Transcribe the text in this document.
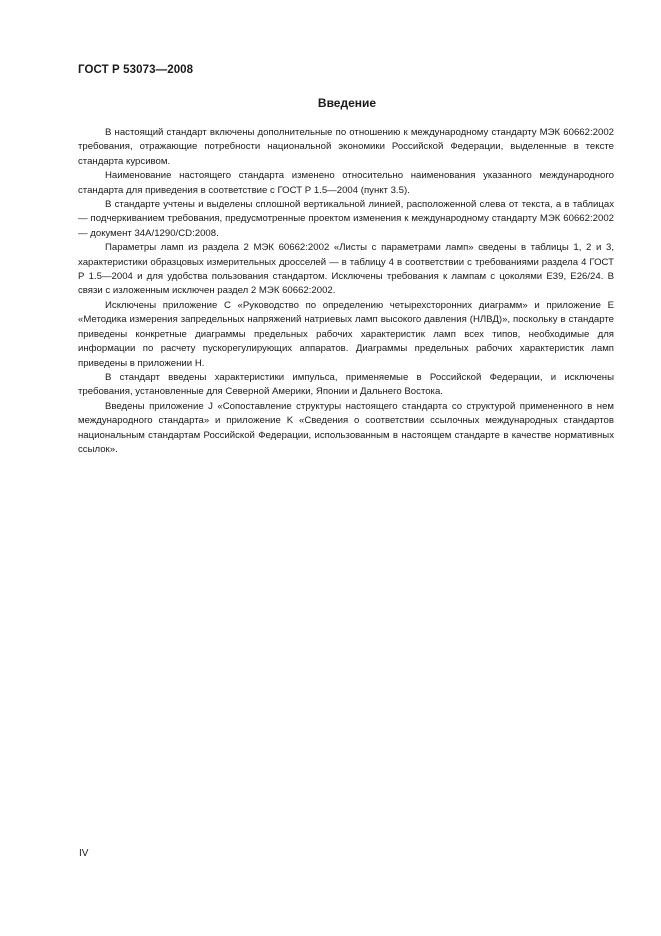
ГОСТ Р 53073—2008
Введение

В настоящий стандарт включены дополнительные по отношению к международному стандарту МЭК 60662:2002 требования, отражающие потребности национальной экономики Российской Федерации, выделенные в тексте стандарта курсивом.

Наименование настоящего стандарта изменено относительно наименования указанного международного стандарта для приведения в соответствие с ГОСТ Р 1.5—2004 (пункт 3.5).

В стандарте учтены и выделены сплошной вертикальной линией, расположенной слева от текста, а в таблицах — подчеркиванием требования, предусмотренные проектом изменения к международному стандарту МЭК 60662:2002 — документ 34A/1290/CD:2008.

Параметры ламп из раздела 2 МЭК 60662:2002 «Листы с параметрами ламп» сведены в таблицы 1, 2 и 3, характеристики образцовых измерительных дросселей — в таблицу 4 в соответствии с требованиями раздела 4 ГОСТ Р 1.5—2004 и для удобства пользования стандартом. Исключены требования к лампам с цоколями E39, E26/24. В связи с изложенным исключен раздел 2 МЭК 60662:2002.

Исключены приложение С «Руководство по определению четырехсторонних диаграмм» и приложение Е «Методика измерения запредельных напряжений натриевых ламп высокого давления (НЛВД)», поскольку в стандарте приведены конкретные диаграммы предельных рабочих характеристик ламп всех типов, необходимые для информации по расчету пускорегулирующих аппаратов. Диаграммы предельных рабочих характеристик ламп приведены в приложении Н.

В стандарт введены характеристики импульса, применяемые в Российской Федерации, и исключены требования, установленные для Северной Америки, Японии и Дальнего Востока.

Введены приложение J «Сопоставление структуры настоящего стандарта со структурой примененного в нем международного стандарта» и приложение K «Сведения о соответствии ссылочных международных стандартов национальным стандартам Российской Федерации, использованным в настоящем стандарте в качестве нормативных ссылок».

IV
